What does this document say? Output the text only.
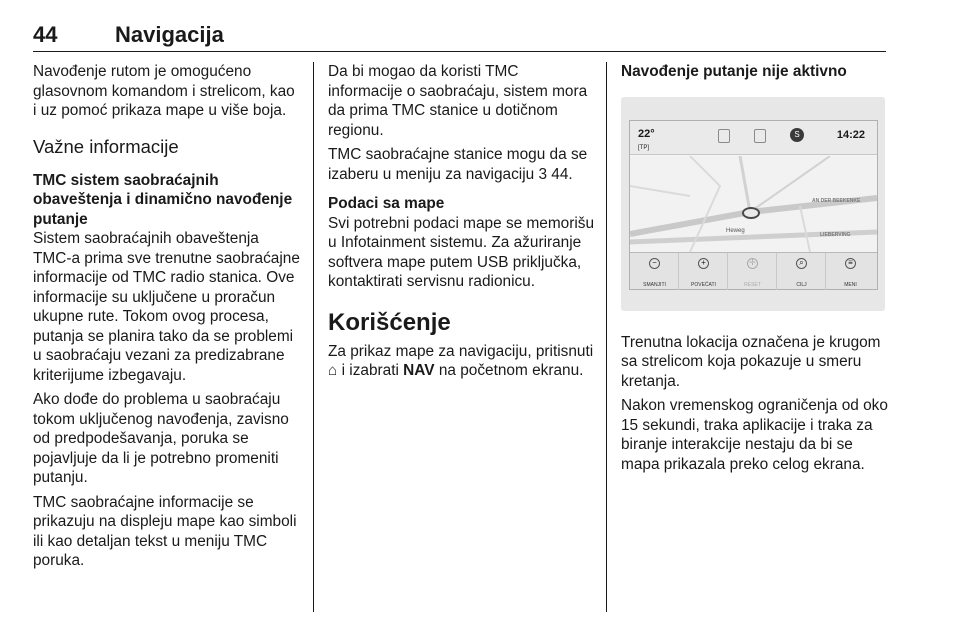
44	Navigacija

Navođenje rutom je omogućeno glasovnom komandom i strelicom, kao i uz pomoć prikaza mape u više boja.

Važne informacije
TMC sistem saobraćajnih obaveštenja i dinamično navođenje putanje

Sistem saobraćajnih obaveštenja TMC-a prima sve trenutne saobraćajne informacije od TMC radio stanica. Ove informacije su uključene u proračun ukupne rute. Tokom ovog procesa, putanja se planira tako da se problemi u saobraćaju vezani za predizabrane kriterijume izbegavaju.

Ako dođe do problema u saobraćaju tokom uključenog navođenja, zavisno od predpodešavanja, poruka se pojavljuje da li je potrebno promeniti putanju.

TMC saobraćajne informacije se prikazuju na displeju mape kao simboli ili kao detaljan tekst u meniju TMC poruka.

Da bi mogao da koristi TMC informacije o saobraćaju, sistem mora da prima TMC stanice u dotičnom regionu.

TMC saobraćajne stanice mogu da se izaberu u meniju za navigaciju 3 44.

Podaci sa mape

Svi potrebni podaci mape se memorišu u Infotainment sistemu. Za ažuriranje softvera mape putem USB priključka, kontaktirati servisnu radionicu.

Korišćenje

Za prikaz mape za navigaciju, pritisnuti ⌂ i izabrati NAV na početnom ekranu.

Navođenje putanje nije aktivno
22°
[TP]
S	14:22
AN DER BEEKENKE
LIEBERVING
Heweg
−
SMANJITI
+
POVEĆATI
✛
RESET
⌕
CILJ
≡
MENI

Trenutna lokacija označena je krugom sa strelicom koja pokazuje u smeru kretanja.

Nakon vremenskog ograničenja od oko 15 sekundi, traka aplikacije i traka za biranje interakcije nestaju da bi se mapa prikazala preko celog ekrana.
